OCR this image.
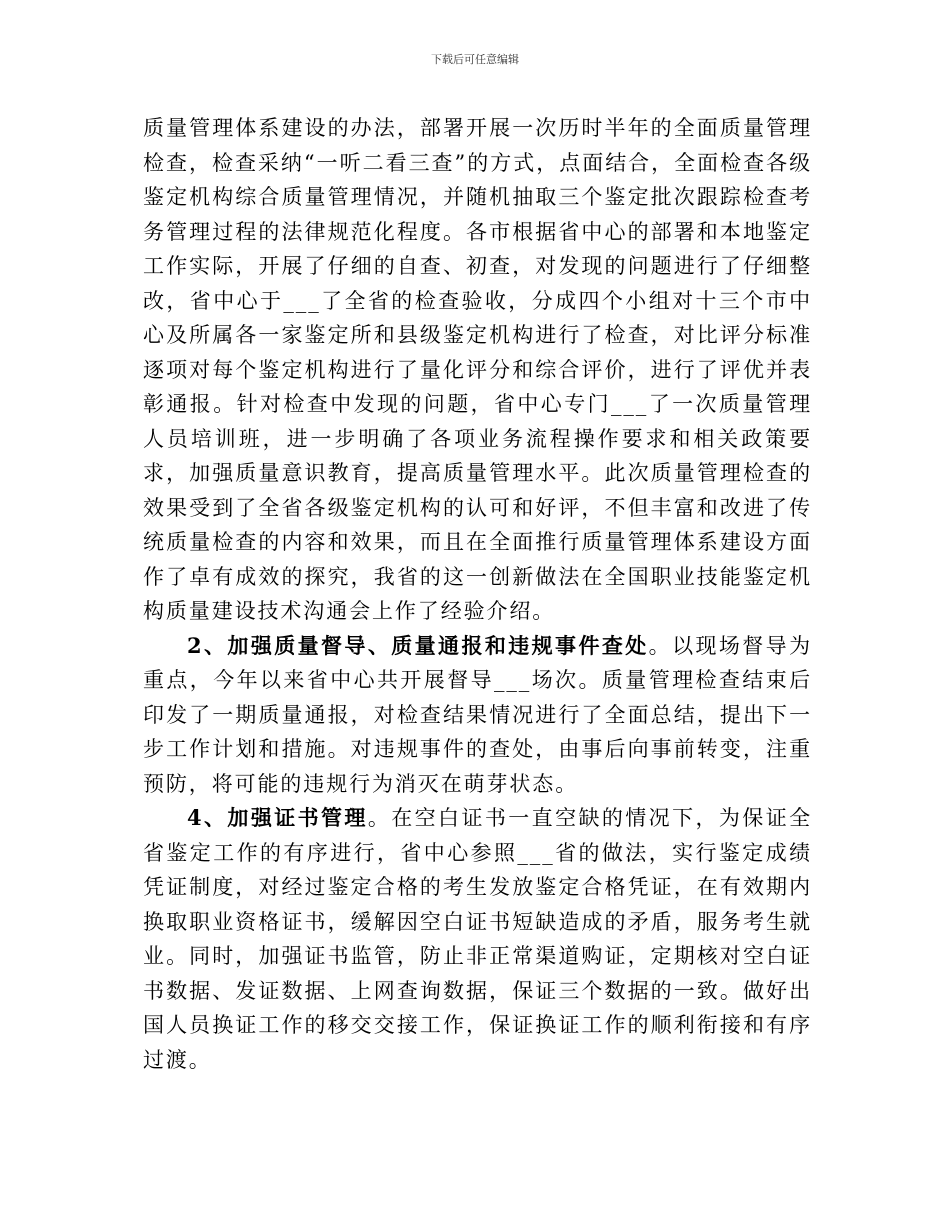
下载后可任意编辑

质量管理体系建设的办法，部署开展一次历时半年的全面质量管理检查，检查采纳“一听二看三查”的方式，点面结合，全面检查各级鉴定机构综合质量管理情况，并随机抽取三个鉴定批次跟踪检查考务管理过程的法律规范化程度。各市根据省中心的部署和本地鉴定工作实际，开展了仔细的自查、初查，对发现的问题进行了仔细整改，省中心于___了全省的检查验收，分成四个小组对十三个市中心及所属各一家鉴定所和县级鉴定机构进行了检查，对比评分标准逐项对每个鉴定机构进行了量化评分和综合评价，进行了评优并表彰通报。针对检查中发现的问题，省中心专门___了一次质量管理人员培训班，进一步明确了各项业务流程操作要求和相关政策要求，加强质量意识教育，提高质量管理水平。此次质量管理检查的效果受到了全省各级鉴定机构的认可和好评，不但丰富和改进了传统质量检查的内容和效果，而且在全面推行质量管理体系建设方面作了卓有成效的探究，我省的这一创新做法在全国职业技能鉴定机构质量建设技术沟通会上作了经验介绍。

2、加强质量督导、质量通报和违规事件查处。以现场督导为重点，今年以来省中心共开展督导___场次。质量管理检查结束后印发了一期质量通报，对检查结果情况进行了全面总结，提出下一步工作计划和措施。对违规事件的查处，由事后向事前转变，注重预防，将可能的违规行为消灭在萌芽状态。

4、加强证书管理。在空白证书一直空缺的情况下，为保证全省鉴定工作的有序进行，省中心参照___省的做法，实行鉴定成绩凭证制度，对经过鉴定合格的考生发放鉴定合格凭证，在有效期内换取职业资格证书，缓解因空白证书短缺造成的矛盾，服务考生就业。同时，加强证书监管，防止非正常渠道购证，定期核对空白证书数据、发证数据、上网查询数据，保证三个数据的一致。做好出国人员换证工作的移交交接工作，保证换证工作的顺利衔接和有序过渡。
